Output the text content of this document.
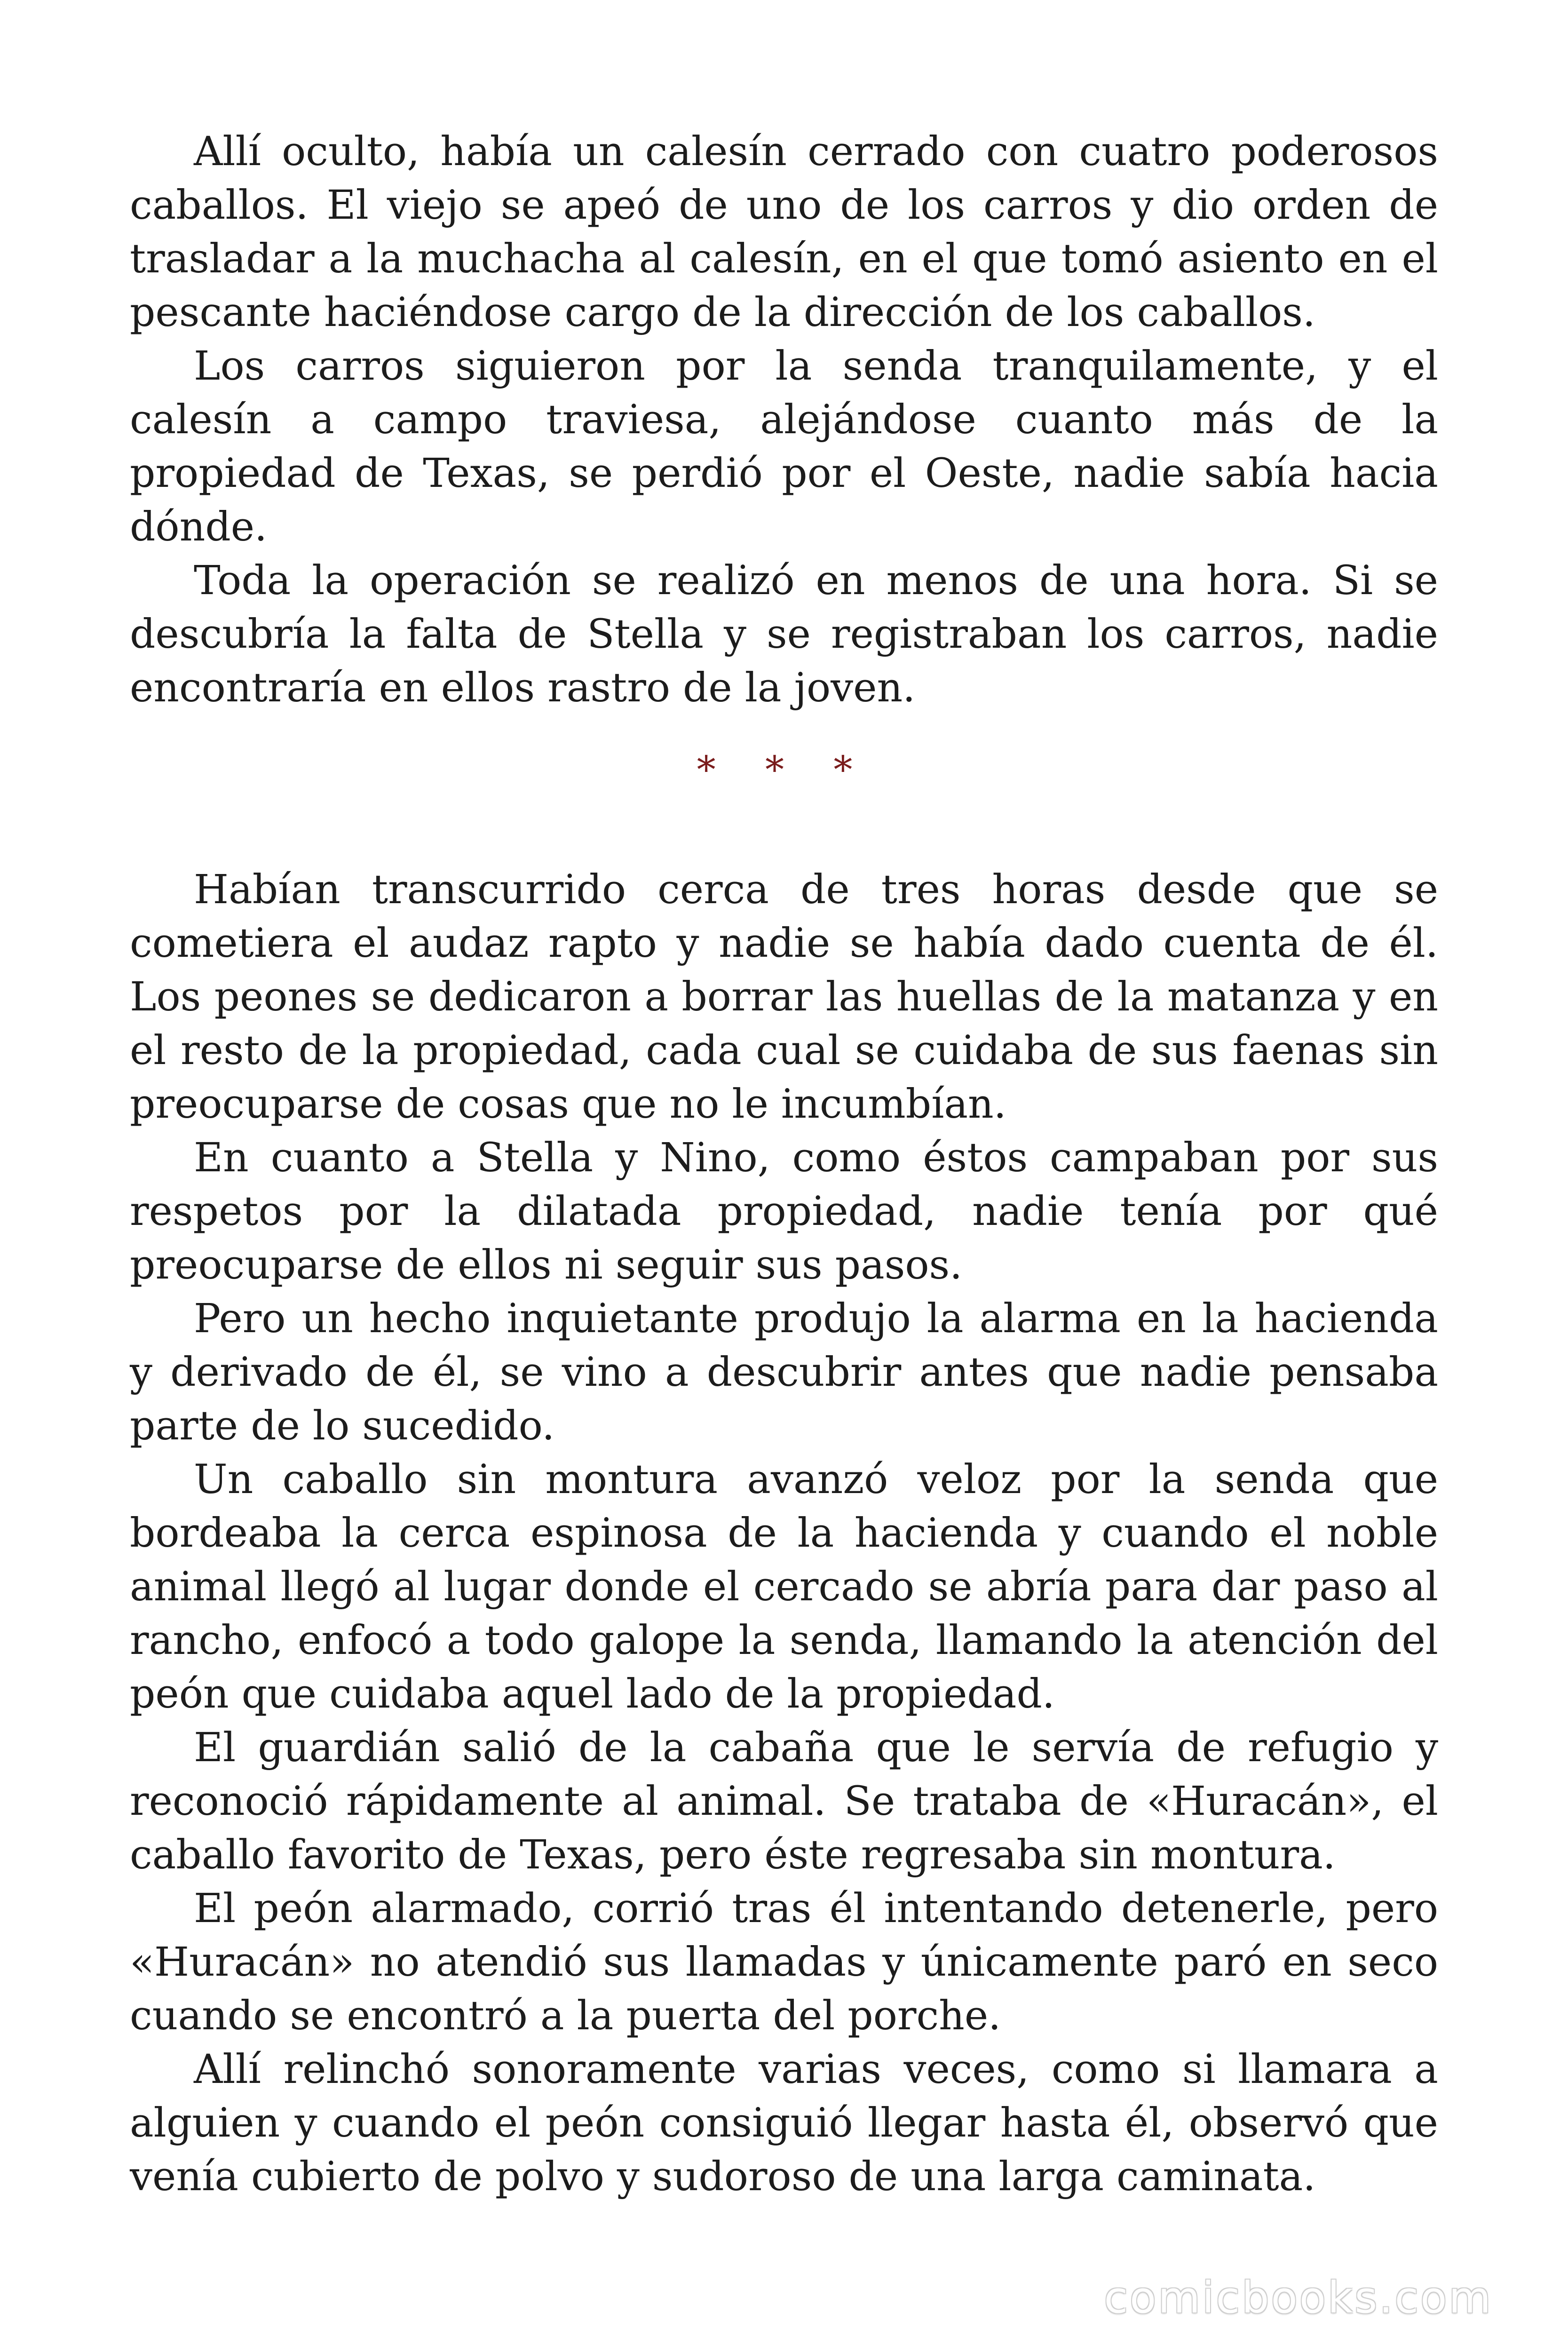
Allí oculto, había un calesín cerrado con cuatro poderosos caballos. El viejo se apeó de uno de los carros y dio orden de trasladar a la muchacha al calesín, en el que tomó asiento en el pescante haciéndose cargo de la dirección de los caballos.

Los carros siguieron por la senda tranquilamente, y el calesín a campo traviesa, alejándose cuanto más de la propiedad de Texas, se perdió por el Oeste, nadie sabía hacia dónde.

Toda la operación se realizó en menos de una hora. Si se descubría la falta de Stella y se registraban los carros, nadie encontraría en ellos rastro de la joven.

* * *

Habían transcurrido cerca de tres horas desde que se cometiera el audaz rapto y nadie se había dado cuenta de él. Los peones se dedicaron a borrar las huellas de la matanza y en el resto de la propiedad, cada cual se cuidaba de sus faenas sin preocuparse de cosas que no le incumbían.

En cuanto a Stella y Nino, como éstos campaban por sus respetos por la dilatada propiedad, nadie tenía por qué preocuparse de ellos ni seguir sus pasos.

Pero un hecho inquietante produjo la alarma en la hacienda y derivado de él, se vino a descubrir antes que nadie pensaba parte de lo sucedido.

Un caballo sin montura avanzó veloz por la senda que bordeaba la cerca espinosa de la hacienda y cuando el noble animal llegó al lugar donde el cercado se abría para dar paso al rancho, enfocó a todo galope la senda, llamando la atención del peón que cuidaba aquel lado de la propiedad.

El guardián salió de la cabaña que le servía de refugio y reconoció rápidamente al animal. Se trataba de «Huracán», el caballo favorito de Texas, pero éste regresaba sin montura.

El peón alarmado, corrió tras él intentando detenerle, pero «Huracán» no atendió sus llamadas y únicamente paró en seco cuando se encontró a la puerta del porche.

Allí relinchó sonoramente varias veces, como si llamara a alguien y cuando el peón consiguió llegar hasta él, observó que venía cubierto de polvo y sudoroso de una larga caminata.

comicbooks.com
